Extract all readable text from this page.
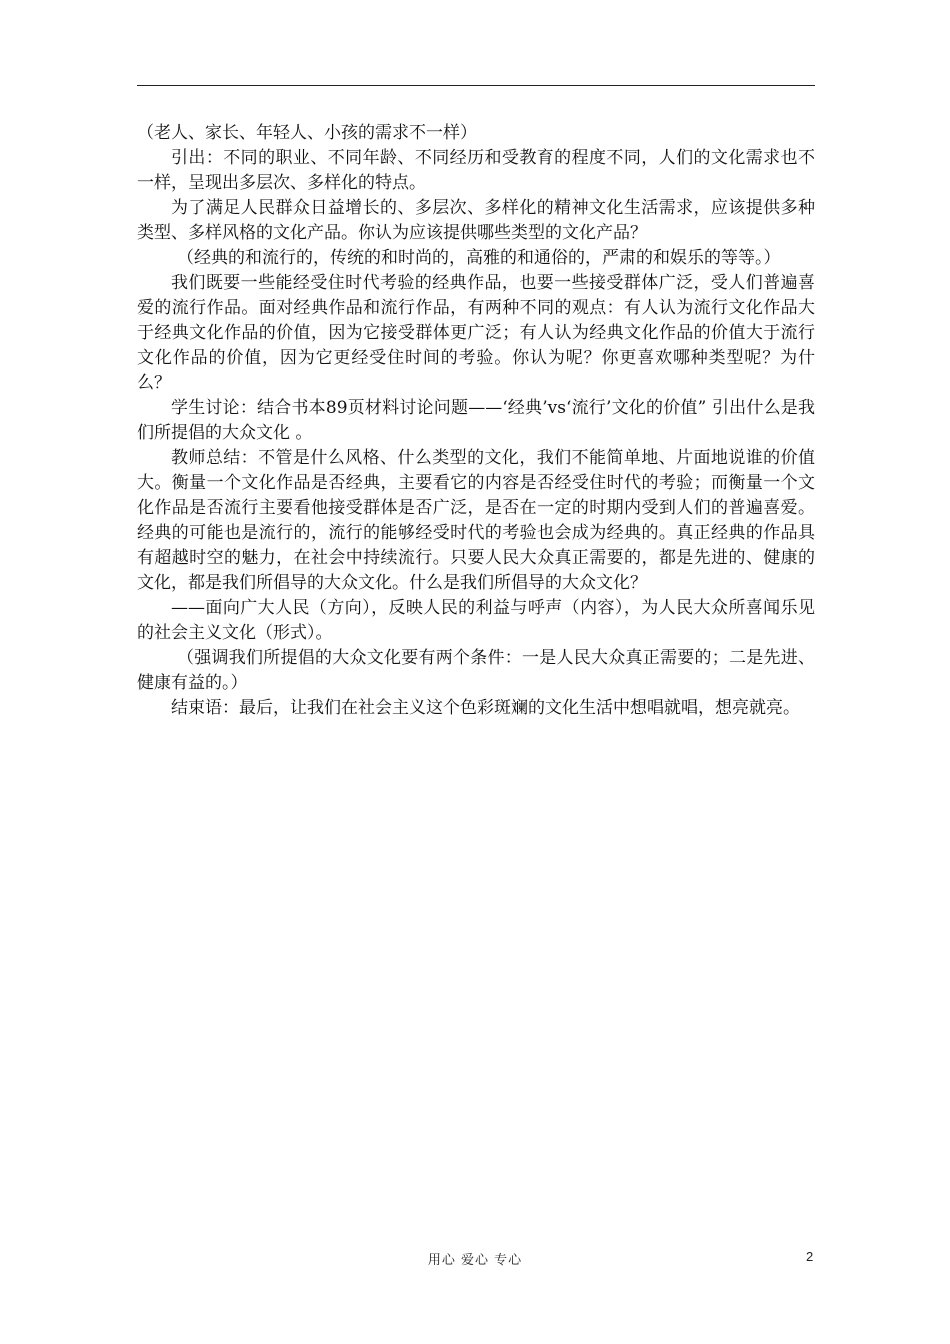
（老人、家长、年轻人、小孩的需求不一样）

引出：不同的职业、不同年龄、不同经历和受教育的程度不同，人们的文化需求也不一样，呈现出多层次、多样化的特点。

为了满足人民群众日益增长的、多层次、多样化的精神文化生活需求，应该提供多种类型、多样风格的文化产品。你认为应该提供哪些类型的文化产品？

（经典的和流行的，传统的和时尚的，高雅的和通俗的，严肃的和娱乐的等等。）

我们既要一些能经受住时代考验的经典作品，也要一些接受群体广泛，受人们普遍喜爱的流行作品。面对经典作品和流行作品，有两种不同的观点：有人认为流行文化作品大于经典文化作品的价值，因为它接受群体更广泛；有人认为经典文化作品的价值大于流行文化作品的价值，因为它更经受住时间的考验。你认为呢？你更喜欢哪种类型呢？为什么？

学生讨论：结合书本89页材料讨论问题——‘经典’vs‘流行’文化的价值” 引出什么是我们所提倡的大众文化 。

教师总结：不管是什么风格、什么类型的文化，我们不能简单地、片面地说谁的价值大。衡量一个文化作品是否经典，主要看它的内容是否经受住时代的考验；而衡量一个文化作品是否流行主要看他接受群体是否广泛，是否在一定的时期内受到人们的普遍喜爱。经典的可能也是流行的，流行的能够经受时代的考验也会成为经典的。真正经典的作品具有超越时空的魅力，在社会中持续流行。只要人民大众真正需要的，都是先进的、健康的文化，都是我们所倡导的大众文化。什么是我们所倡导的大众文化？

——面向广大人民（方向），反映人民的利益与呼声（内容），为人民大众所喜闻乐见的社会主义文化（形式）。

（强调我们所提倡的大众文化要有两个条件：一是人民大众真正需要的；二是先进、健康有益的。）

结束语：最后，让我们在社会主义这个色彩斑斓的文化生活中想唱就唱，想亮就亮。

用心 爱心 专心	2
